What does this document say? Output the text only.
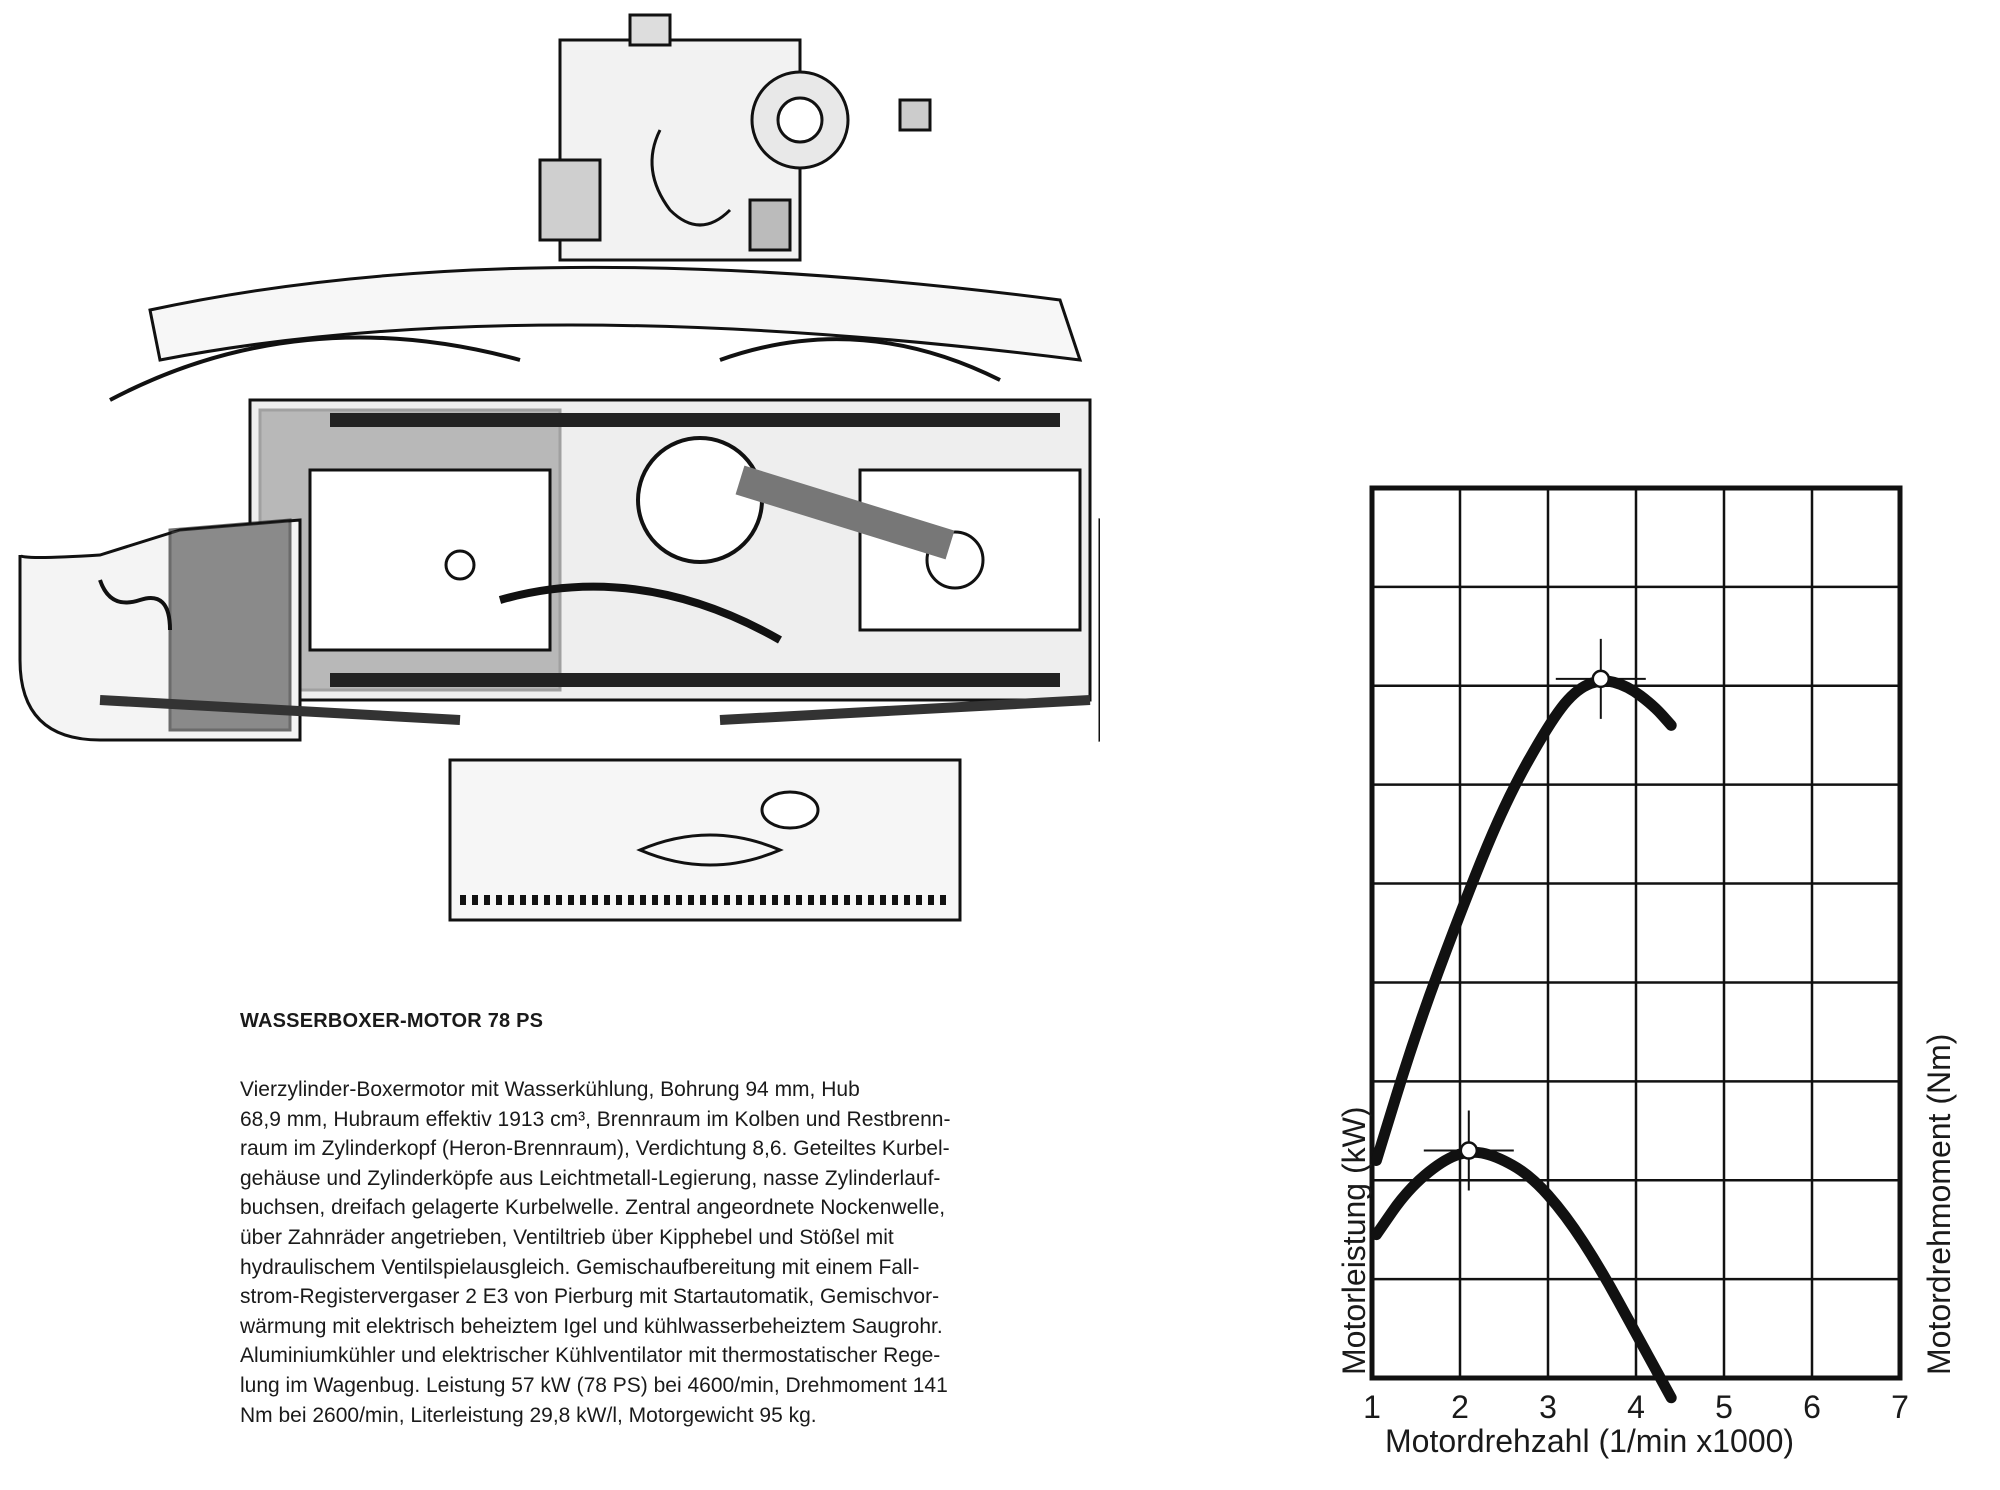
WASSERBOXER-MOTOR 78 PS

Vierzylinder-Boxermotor mit Wasserkühlung, Bohrung 94 mm, Hub

68,9 mm, Hubraum effektiv 1913 cm³, Brennraum im Kolben und Restbrenn-

raum im Zylinderkopf (Heron-Brennraum), Verdichtung 8,6. Geteiltes Kurbel-

gehäuse und Zylinderköpfe aus Leichtmetall-Legierung, nasse Zylinderlauf-

buchsen, dreifach gelagerte Kurbelwelle. Zentral angeordnete Nockenwelle,

über Zahnräder angetrieben, Ventiltrieb über Kipphebel und Stößel mit

hydraulischem Ventilspielausgleich. Gemischaufbereitung mit einem Fall-

strom-Registervergaser 2 E3 von Pierburg mit Startautomatik, Gemischvor-

wärmung mit elektrisch beheiztem Igel und kühlwasserbeheiztem Saugrohr.

Aluminiumkühler und elektrischer Kühlventilator mit thermostatischer Rege-

lung im Wagenbug. Leistung 57 kW (78 PS) bei 4600/min, Drehmoment 141

Nm bei 2600/min, Literleistung 29,8 kW/l, Motorgewicht 95 kg.	1 2 3 4 5 6 7
Motorleistung (kW)	Motordrehmoment (Nm)
Motordrehzahl (1/min x1000)
